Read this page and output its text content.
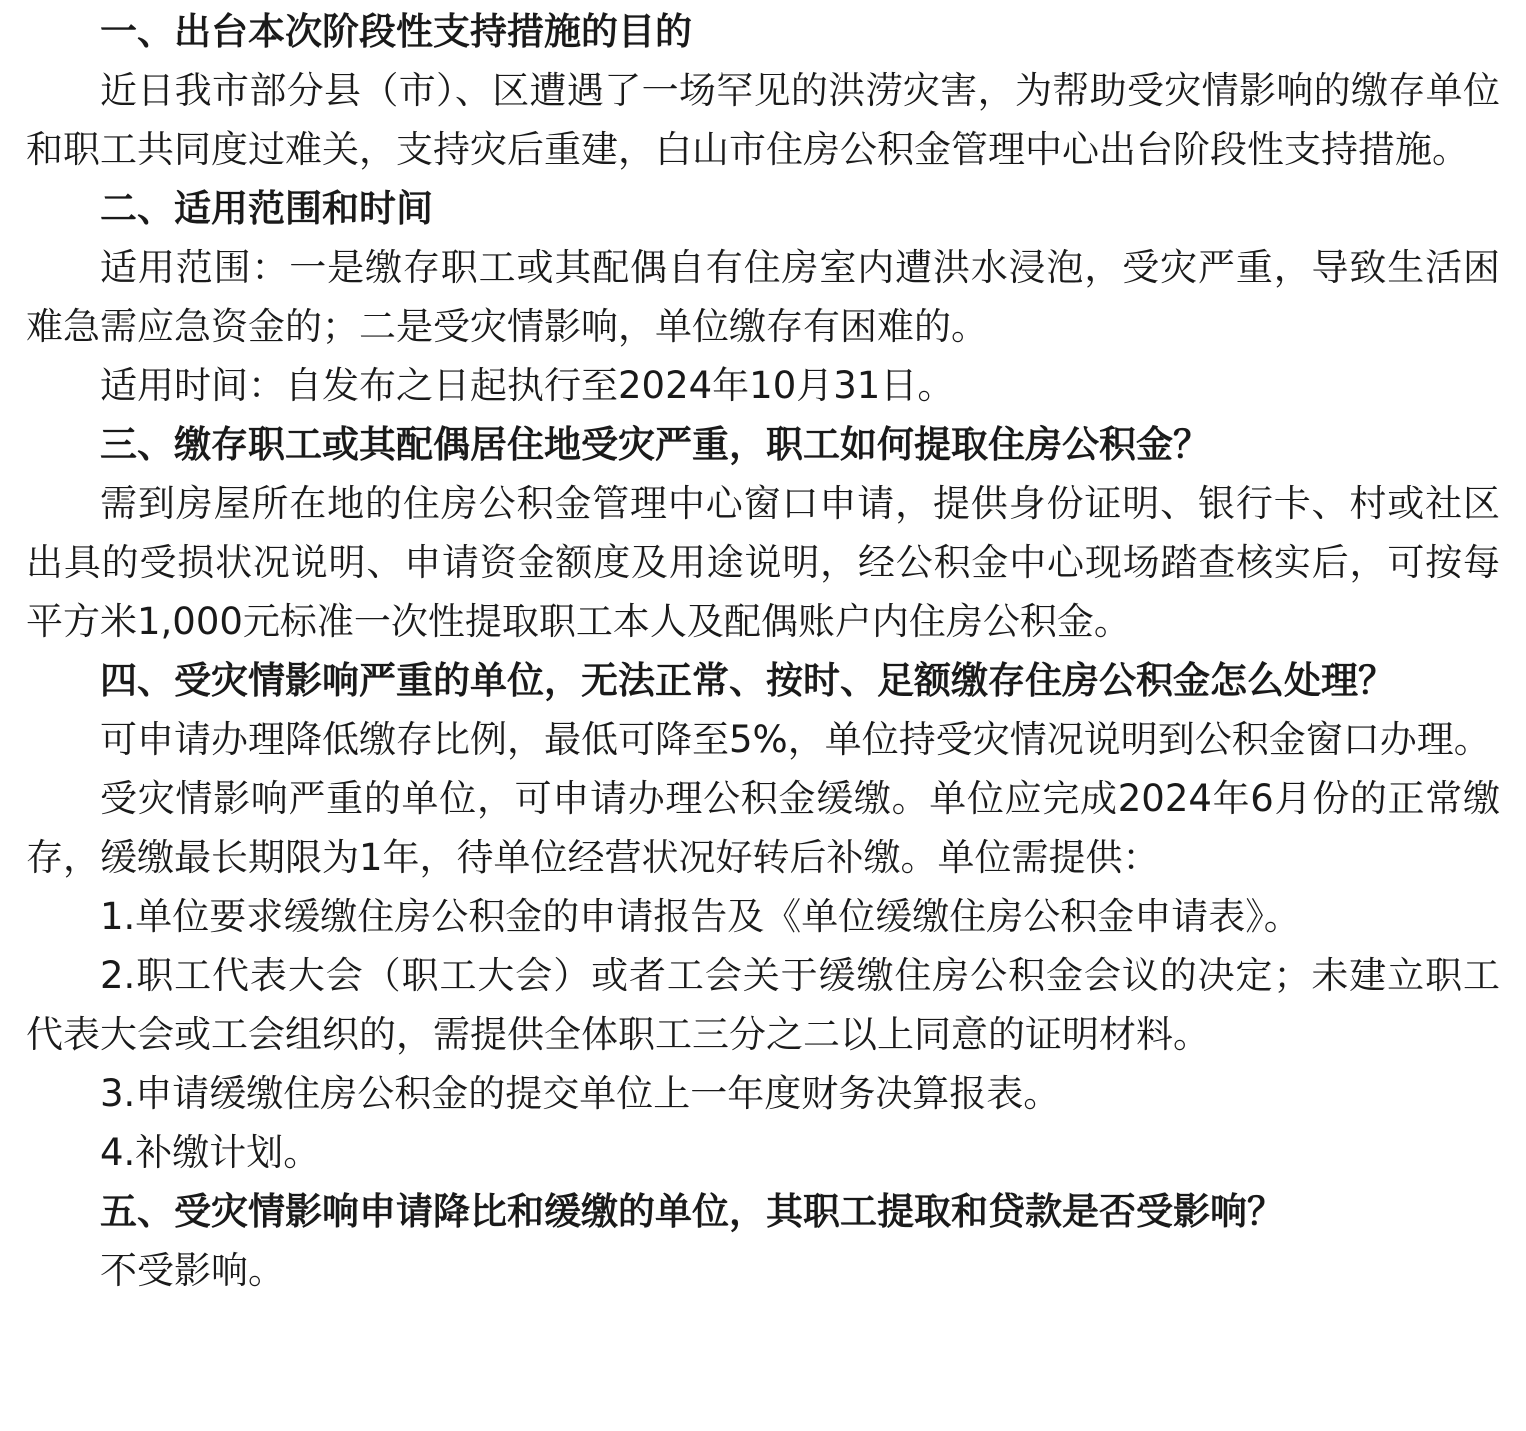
一、出台本次阶段性支持措施的目的

近日我市部分县（市）、区遭遇了一场罕见的洪涝灾害，为帮助受灾情影响的缴存单位和职工共同度过难关，支持灾后重建，白山市住房公积金管理中心出台阶段性支持措施。

二、适用范围和时间

适用范围：一是缴存职工或其配偶自有住房室内遭洪水浸泡，受灾严重，导致生活困难急需应急资金的；二是受灾情影响，单位缴存有困难的。

适用时间：自发布之日起执行至2024年10月31日。

三、缴存职工或其配偶居住地受灾严重，职工如何提取住房公积金？

需到房屋所在地的住房公积金管理中心窗口申请，提供身份证明、银行卡、村或社区出具的受损状况说明、申请资金额度及用途说明，经公积金中心现场踏查核实后，可按每平方米1,000元标准一次性提取职工本人及配偶账户内住房公积金。

四、受灾情影响严重的单位，无法正常、按时、足额缴存住房公积金怎么处理？

可申请办理降低缴存比例，最低可降至5%，单位持受灾情况说明到公积金窗口办理。

受灾情影响严重的单位，可申请办理公积金缓缴。单位应完成2024年6月份的正常缴存，缓缴最长期限为1年，待单位经营状况好转后补缴。单位需提供：

1.单位要求缓缴住房公积金的申请报告及《单位缓缴住房公积金申请表》。

2.职工代表大会（职工大会）或者工会关于缓缴住房公积金会议的决定；未建立职工代表大会或工会组织的，需提供全体职工三分之二以上同意的证明材料。

3.申请缓缴住房公积金的提交单位上一年度财务决算报表。

4.补缴计划。

五、受灾情影响申请降比和缓缴的单位，其职工提取和贷款是否受影响？

不受影响。
